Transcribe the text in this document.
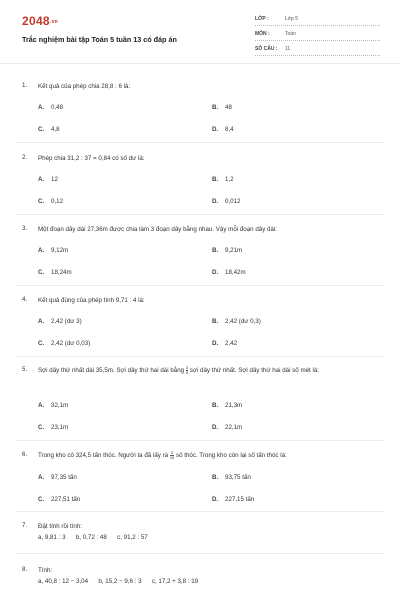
2048.vn
Trắc nghiệm bài tập Toán 5 tuần 13 có đáp án
LỚP :	Lớp 5
MÔN :	Toán
SỐ CÂU : 11
1. Kết quả của phép chia 28,8 : 6 là:
A. 0,48	B. 48
C. 4,8	D. 8,4
2. Phép chia 31,2 : 37 = 0,84 có số dư là:
A. 12	B. 1,2
C. 0,12	D. 0,012
3. Một đoạn dây dài 27,36m được chia làm 3 đoạn dây bằng nhau. Vậy mỗi đoạn dây dài:
A. 9,12m	B. 9,21m
C. 18,24m	D. 18,42m
4. Kết quả đúng của phép tính 9,71 : 4 là:
A. 2,42 (dư 3)	B. 2,42 (dư 0,3)
C. 2,42 (dư 0,03)	D. 2,42
5. Sợi dây thứ nhất dài 35,5m. Sợi dây thứ hai dài bằng $\frac{3}{5}$ sợi dây thứ nhất. Sợi dây thứ hai dài số mét là:
A. 32,1m	B. 21,3m
C. 23,1m	D. 22,1m
6. Trong kho có 324,5 tấn thóc. Người ta đã lấy ra $\frac{3}{10}$ số thóc. Trong kho còn lại số tấn thóc là:
A. 97,35 tấn	B. 93,75 tấn
C. 227,51 tấn	D. 227,15 tấn
7. Đặt tính rồi tính:
a, 9,81 : 3      b, 0,72 : 48      c, 91,2 : 57
8. Tính:
a, 40,8 : 12 − 3,04      b, 15,2 − 9,6 : 3      c, 17,2 + 3,8 : 19
